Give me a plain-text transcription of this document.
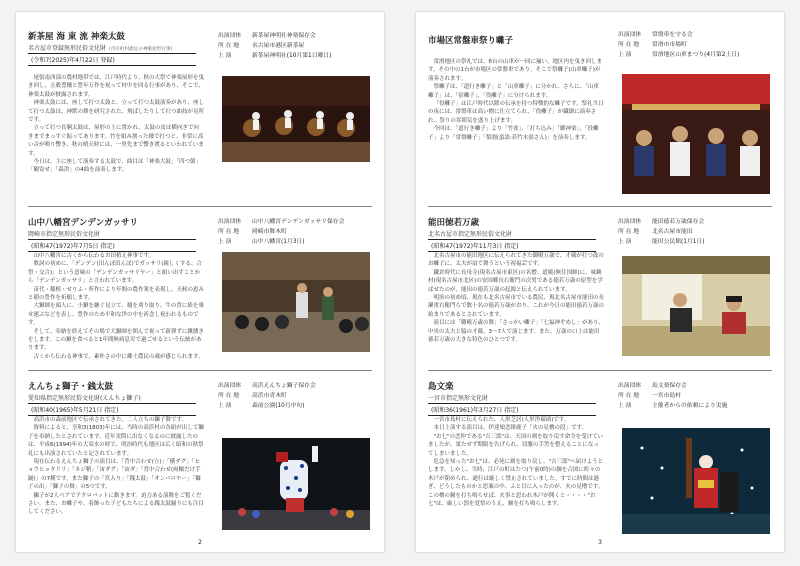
新茶屋 海 東 流 神楽太鼓
名古屋市登録無形民俗文化財 (市区町村指定の神楽屋形行事)
(令和7(2025)年4月22日 登録)
出演団体	新茶屋神明社神楽保存会
所 在 地	名古屋市港区新茶屋
上 演	新茶屋神明社(10月第1日曜日)

尾張南西部の農村地帯では、江戸時代より、秋の大祭で神楽屋形を曳き回し、五穀豊穣と豊年万作を祝って村中を回る行事があり、そこで、神楽太鼓が披露されます。

神楽太鼓には、座して打つ太鼓と、立って打つ太鼓演奏があり、座して打つ太鼓は、神獣の舞を研究された、飛ばしたりして打つ曲技が見所です。

立って打つ長胴太鼓は、屋形の上に置かれ、太鼓の皮は横向きで向きまでまっすぐ振ってあります。竹を組み割った撥で打つと、非常に高い音が鳴り響き、秋の晴天時には、一里先まで響き渡るといわれています。

今日は、主に座して演奏する太鼓で、曲目は「神楽大鼓」「四つ節」「鶴寄せ」「森津」の4曲を演奏します。

山中八幡宮デンデンガッサリ
岡崎市指定無形民俗文化財
(昭和47(1972)年7月5日 指定)
出演団体	山中八幡宮デンデンガッサリ保存会
所 在 地	岡崎市舞木町
上 演	山中八幡宮(1月3日)

山中八幡宮に古くから伝わるお田植え神事です。

歌詞の初めに、「デンデン(田んぼ田んぼ)でガッサリ(親しくする、合祭・交合)」という意味の「デンデンガッサリヤー」と唄い出すことから「デンデンガッサリ」と言われています。

苗代・稲植・せりふ・所作により年間の農作業を表現し、天候の恵みと稲の豊作を祈願します。

大鍬師を頭人に、小鍬を継ぐ見立て、稲を刈り取り、牛の背に俵を乗せ運ぶなどを表し、豊作のため平和な世の中を祈念し祝われるものです。

そして、奉納を終えてその場で大鍬師を囲んで祝って新弾ずに鍬捌きをします。この鍬を食べると1年間無病息災で過ごせるという伝統があります。

古くから伝わる神事で、素朴さの中に郷土農民の魂が感じられます。

えんちょ獅子・銭太鼓
愛知県指定無形民俗文化財(えんちょ獅子)
(昭和40(1965)年5月21日 指定)
出演団体	高浜えんちょ獅子保存会
所 在 地	高浜市青木町
上 演	森前公園(10月中旬)

高浜市の森前地区で伝承されてきた、二人立ちの獅子舞です。

資料によると、享和3(1803)年には、当時の高浜村の各組が出して獅子を奉納したとされています。近年実際に出なくなるのに披露したのは、平成6(1994)年の大須水の時で、明治時代も地区は広く昭和の秋祭礼にも出演されていたと記されています。

現在伝わるえんちょ獅子の演目は、「背中合わせ(立)」「横ダグ」「ヒョウヒョタドリ」「ネジ鞘」「宙ダグ」「宙ダ」「背中合わせ(両輪だけ手踊)」の7種です。また獅子の「宮入り」「銭太鼓」「オンパロヤー」「獅子の出」「獅子の舞」の5つです。

獅子が2人ペアでアクロバットに動きます。迫力ある演舞をご覧ください。また、お囃子や、着飾った子どもたちによる銭太鼓踊りにも注目してください。

2
市場区常盤車祭り囃子
出演団体	常盤車を守る会
所 在 地	常滑市市場町
上 演	常滑地区山車まつり(4月第2土日)

常滑地区の祭礼では、6台の山車が一同に揃い、地区内を曳き回します。その中の1台が市場区の常盤車であり、そこで祭囃子(山車囃子)が演奏されます。

祭囃子は、「道行き囃子」と「山車囃子」に分かれ、さらに、「山車囃子」は、「宿囃子」、「役囃子」に分けられます。

「役囃子」は江戸時代以降の伝承を持つ特徴的な囃子です。祭礼当日の夜には、常盤車は高い櫓に仕立てられ、「役囃子」が繊細に演奏され、祭りの雰囲気を盛り上げます。

今回は、「道行き囃子」より「竹雀」、「打ち込み」「御神楽」、「役囃子」より「常盤囃子」「梨割(蛮語:若竹水弱さん)」を演奏します。

能田徳若万歳
北名古屋市指定無形民俗文化財
(昭和47(1972)年11月3日 指定)
出演団体	能田徳若万歳保存会
所 在 地	北名古屋市能田
上 演	能田公民館(1月1日)

北名古屋市の能田地区に伝えられてきた御殿万歳で、才蔵が打つ鼓のお囃子に、太夫が扇で舞うという祝福芸です。

鎌倉時代に長母寺(現名古屋市東区)の名僧、道暁(無住国師)に、味鋺村(現名古屋市北区)の安国郷長右衛門の次男である徳若万歳の原型を学ばせたのが、能田の徳若万歳の起源と伝えられています。

明治の初め頃、現在も北名古屋市でいる農民、現北名古屋市能田の長瀬重右衛門らで数十名の徳若万歳がおり、これが今日の能田徳若万歳の始まりであるとされています。

演目には「御殿万歳の舞」「さっかい囃子」「七福神ぞめし」があり、中央の太夫と脇の才蔵、3〜7人で演じます。また、万歳の口上は能田徳若万歳の大きな特色のひとつです。

島文楽
一宮市指定無形文化財
(昭和36(1961)年3月27日 指定)
出演団体	島文楽保存会
所 在 地	一宮市島村
上 演	主催者からの依頼により実施

一宮市島村に伝えられた、人形芝居(人形浄瑠璃)です。

本日上演する演目は、伊達娘恋緋鹿子「火の見櫓の段」です。

"お七"の恋仲である"吉三郎"は、天国の剣を取り戻す命令を受けていましたが、果たせず期限を告げられ、切腹の手筈を整えることになってしまいました。

危急を知った"お七"は、必死に剣を取り戻し、"吉三郎"へ届けようとします。しかし、当時、江戸の町はたつ(午前0時)の鐘を合図に町々の木戸が閉められ、通行は厳しく禁止されていました。すでに時間は過ぎ、どうしたものかと思案の中、ふと目に入ったのが、火の見櫓です。この櫓の鐘を打ち鳴らせば、火事と思われ木戸が開くと・・・・"お七"は、厳しい罰を覚悟のうえ、鐘を打ち鳴らします。

3
